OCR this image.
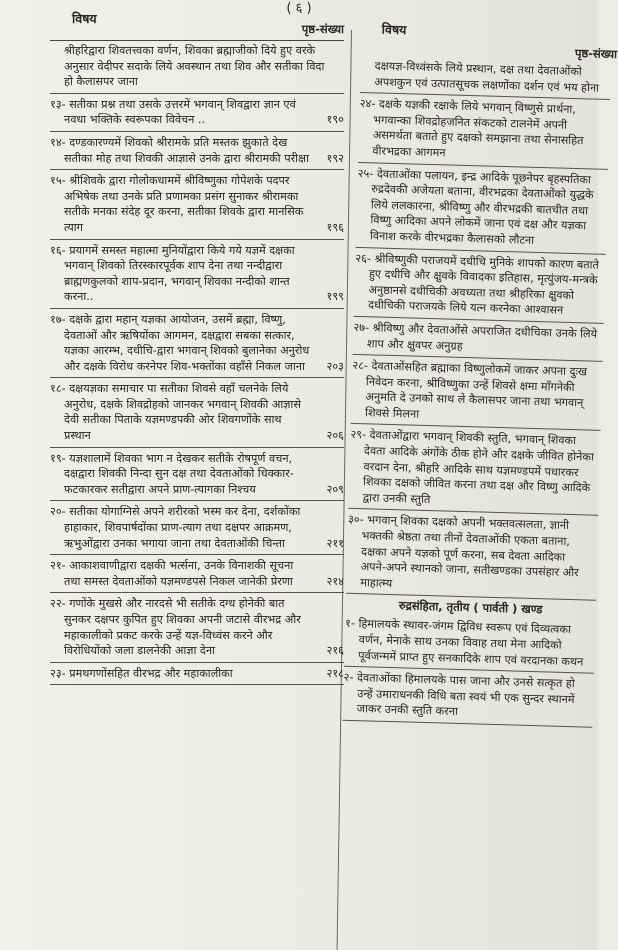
( ६ )
विषय
पृष्ठ-संख्या
श्रीहरिद्वारा शिवतत्त्वका वर्णन, शिवका ब्रह्माजीको दिये हुए वरके अनुसार वेदीपर सदाके लिये अवस्थान तथा शिव और सतीका विदा हो कैलासपर जाना
१३- सतीका प्रश्न तथा उसके उत्तरमें भगवान् शिवद्वारा ज्ञान एवं नवधा भक्तिके स्वरूपका विवेचन ..	१९०
१४- दण्डकारण्यमें शिवको श्रीरामके प्रति मस्तक झुकाते देख सतीका मोह तथा शिवकी आज्ञासे उनके द्वारा श्रीरामकी परीक्षा १९२
१५- श्रीशिवके द्वारा गोलोकधाममें श्रीविष्णुका गोपेशके पदपर अभिषेक तथा उनके प्रति प्रणामका प्रसंग सुनाकर श्रीरामका सतीके मनका संदेह दूर करना, सतीका शिवके द्वारा मानसिक त्याग	१९६
१६- प्रयागमें समस्त महात्मा मुनियोंद्वारा किये गये यज्ञमें दक्षका भगवान् शिवको तिरस्कारपूर्वक शाप देना तथा नन्दीद्वारा ब्राह्मणकुलको शाप-प्रदान, भगवान् शिवका नन्दीको शान्त करना..	१९९
१७- दक्षके द्वारा महान् यज्ञका आयोजन, उसमें ब्रह्मा, विष्णु, देवताओं और ऋषियोंका आगमन, दक्षद्वारा सबका सत्कार, यज्ञका आरम्भ, दधीचि-द्वारा भगवान् शिवको बुलानेका अनुरोध और दक्षके विरोध करनेपर शिव-भक्तोंका वहाँसे निकल जाना २०३
१८- दक्षयज्ञका समाचार पा सतीका शिवसे वहाँ चलनेके लिये अनुरोध, दक्षके शिवद्रोहको जानकर भगवान् शिवकी आज्ञासे देवी सतीका पिताके यज्ञमण्डपकी ओर शिवगणोंके साथ प्रस्थान	२०६
१९- यज्ञशालामें शिवका भाग न देखकर सतीके रोषपूर्ण वचन, दक्षद्वारा शिवकी निन्दा सुन दक्ष तथा देवताओंको धिक्कार-फटकारकर सतीद्वारा अपने प्राण-त्यागका निश्चय	२०९
२०- सतीका योगाग्निसे अपने शरीरको भस्म कर देना, दर्शकोंका हाहाकार, शिवपार्षदोंका प्राण-त्याग तथा दक्षपर आक्रमण, ऋभुओंद्वारा उनका भगाया जाना तथा देवताओंकी चिन्ता	२११
२१- आकाशवाणीद्वारा दक्षकी भर्त्सना, उनके विनाशकी सूचना तथा समस्त देवताओंको यज्ञमण्डपसे निकल जानेकी प्रेरणा	२१४
२२- गणोंके मुखसे और नारदसे भी सतीके दग्ध होनेकी बात सुनकर दक्षपर कुपित हुए शिवका अपनी जटासे वीरभद्र और महाकालीको प्रकट करके उन्हें यज्ञ-विध्वंस करने और विरोधियोंको जला डालनेकी आज्ञा देना	२१६
२३- प्रमथगणोंसहित वीरभद्र और महाकालीका	२१८
विषय
पृष्ठ-संख्या
दक्षयज्ञ-विध्वंसके लिये प्रस्थान, दक्ष तथा देवताओंको अपशकुन एवं उत्पातसूचक लक्षणोंका दर्शन एवं भय होना
२४- दक्षके यज्ञकी रक्षाके लिये भगवान् विष्णुसे प्रार्थना, भगवान्का शिवद्रोहजनित संकटको टालनेमें अपनी असमर्थता बताते हुए दक्षको समझाना तथा सेनासहित वीरभद्रका आगमन
२५- देवताओंका पलायन, इन्द्र आदिके पूछनेपर बृहस्पतिका रुद्रदेवकी अजेयता बताना, वीरभद्रका देवताओंको युद्धके लिये ललकारना, श्रीविष्णु और वीरभद्रकी बातचीत तथा विष्णु आदिका अपने लोकमें जाना एवं दक्ष और यज्ञका विनाश करके वीरभद्रका कैलासको लौटना
२६- श्रीविष्णुकी पराजयमें दधीचि मुनिके शापको कारण बताते हुए दधीचि और क्षुवके विवादका इतिहास, मृत्युंजय-मन्त्रके अनुष्ठानसे दधीचिकी अवध्यता तथा श्रीहरिका क्षुवको दधीचिकी पराजयके लिये यत्न करनेका आश्वासन
२७- श्रीविष्णु और देवताओंसे अपराजित दधीचिका उनके लिये शाप और क्षुवपर अनुग्रह
२८- देवताओंसहित ब्रह्माका विष्णुलोकमें जाकर अपना दुःख निवेदन करना, श्रीविष्णुका उन्हें शिवसे क्षमा माँगनेकी अनुमति दे उनको साथ ले कैलासपर जाना तथा भगवान् शिवसे मिलना
२९- देवताओंद्वारा भगवान् शिवकी स्तुति, भगवान् शिवका देवता आदिके अंगोंके ठीक होने और दक्षके जीवित होनेका वरदान देना, श्रीहरि आदिके साथ यज्ञमण्डपमें पधारकर शिवका दक्षको जीवित करना तथा दक्ष और विष्णु आदिके द्वारा उनकी स्तुति
३०- भगवान् शिवका दक्षको अपनी भक्तवत्सलता, ज्ञानी भक्तकी श्रेष्ठता तथा तीनों देवताओंकी एकता बताना, दक्षका अपने यज्ञको पूर्ण करना, सब देवता आदिका अपने-अपने स्थानको जाना, सतीखण्डका उपसंहार और माहात्म्य
रुद्रसंहिता, तृतीय ( पार्वती ) खण्ड
१- हिमालयके स्थावर-जंगम द्विविध स्वरूप एवं दिव्यत्वका वर्णन, मेनाके साथ उनका विवाह तथा मेना आदिको पूर्वजन्ममें प्राप्त हुए सनकादिके शाप एवं वरदानका कथन
२- देवताओंका हिमालयके पास जाना और उनसे सत्कृत हो उन्हें उमाराधनकी विधि बता स्वयं भी एक सुन्दर स्थानमें जाकर उनकी स्तुति करना
